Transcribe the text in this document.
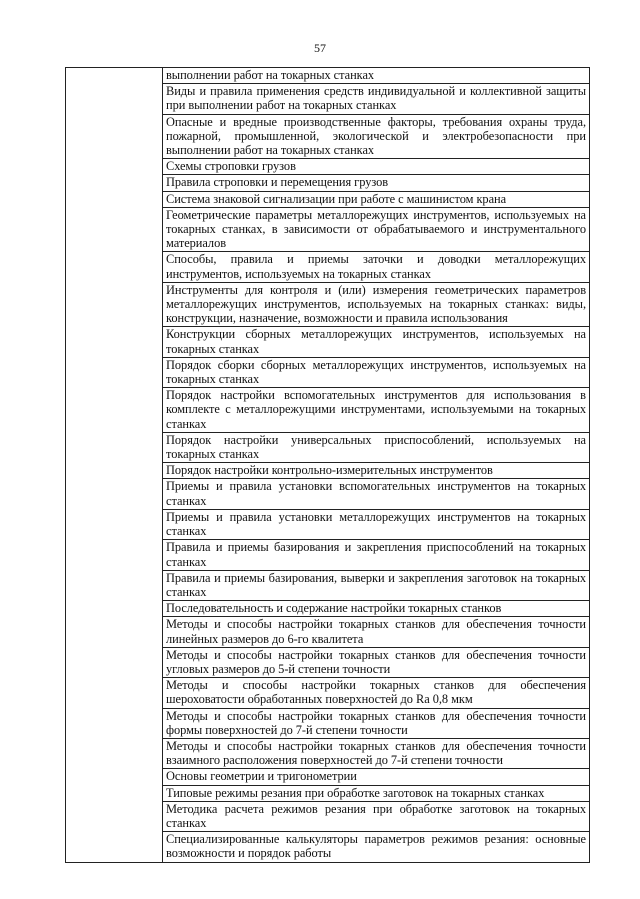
57
	выполнении работ на токарных станках
Виды и правила применения средств индивидуальной и коллективной защиты при выполнении работ на токарных станках
Опасные и вредные производственные факторы, требования охраны труда, пожарной, промышленной, экологической и электробезопасности при выполнении работ на токарных станках
Схемы строповки грузов
Правила строповки и перемещения грузов
Система знаковой сигнализации при работе с машинистом крана
Геометрические параметры металлорежущих инструментов, используемых на токарных станках, в зависимости от обрабатываемого и инструментального материалов
Способы, правила и приемы заточки и доводки металлорежущих инструментов, используемых на токарных станках
Инструменты для контроля и (или) измерения геометрических параметров металлорежущих инструментов, используемых на токарных станках: виды, конструкции, назначение, возможности и правила использования
Конструкции сборных металлорежущих инструментов, используемых на токарных станках
Порядок сборки сборных металлорежущих инструментов, используемых на токарных станках
Порядок настройки вспомогательных инструментов для использования в комплекте с металлорежущими инструментами, используемыми на токарных станках
Порядок настройки универсальных приспособлений, используемых на токарных станках
Порядок настройки контрольно-измерительных инструментов
Приемы и правила установки вспомогательных инструментов на токарных станках
Приемы и правила установки металлорежущих инструментов на токарных станках
Правила и приемы базирования и закрепления приспособлений на токарных станках
Правила и приемы базирования, выверки и закрепления заготовок на токарных станках
Последовательность и содержание настройки токарных станков
Методы и способы настройки токарных станков для обеспечения точности линейных размеров до 6-го квалитета
Методы и способы настройки токарных станков для обеспечения точности угловых размеров до 5-й степени точности
Методы и способы настройки токарных станков для обеспечения шероховатости обработанных поверхностей до Ra 0,8 мкм
Методы и способы настройки токарных станков для обеспечения точности формы поверхностей до 7-й степени точности
Методы и способы настройки токарных станков для обеспечения точности взаимного расположения поверхностей до 7-й степени точности
Основы геометрии и тригонометрии
Типовые режимы резания при обработке заготовок на токарных станках
Методика расчета режимов резания при обработке заготовок на токарных станках
Специализированные калькуляторы параметров режимов резания: основные возможности и порядок работы
